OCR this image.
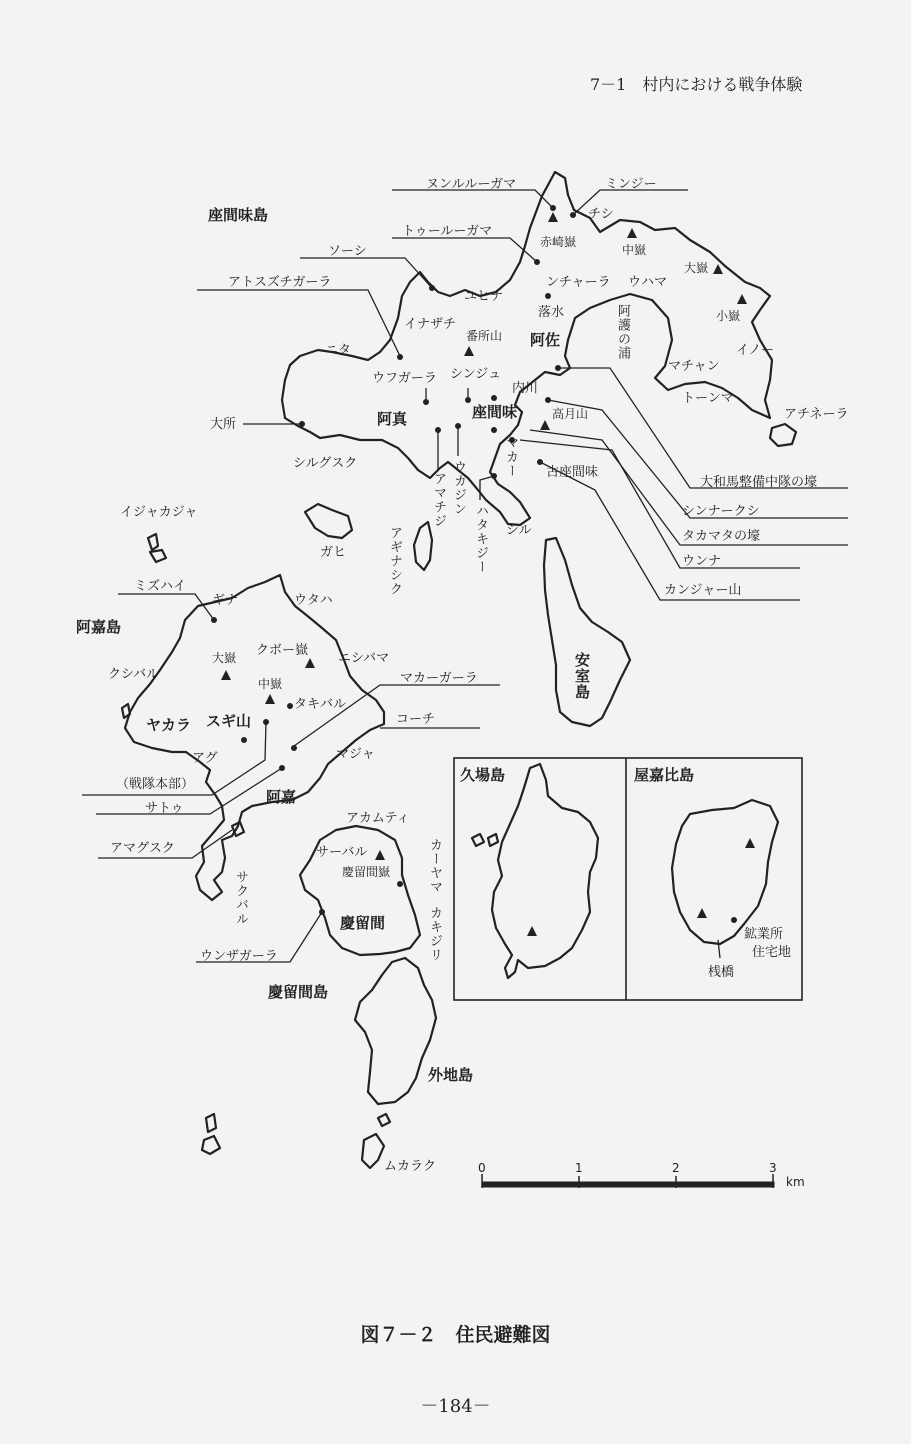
7－1　村内における戦争体験
座間味島
阿嘉島
慶留間島
外地島
安室島
久場島	屋嘉比島
ヌンルルーガマ	ミンジー
チシ
赤崎嶽
中嶽
トゥールーガマ
ソーシ
アトスズチガーラ	ンチャーラ ウハマ
大嶽
ユヒナ
落水	小嶽
イナザチ
番所山 阿佐	阿護の浦
ニタ	イノー
マチャン
ウフガーラ シンジュ
内川
トーンマ
アチネーラ
大所	阿真	座間味	高月山
シルグスク
古座間味
大和馬整備中隊の壕
シンナークシ
タカマタの壕
ウンナ
カンジャー山
マカー
アマチジ ウカジン
ハタキジー シル
アギナシク
イジャカジャ
ガヒ
ミズハイ
ギナ	ウタハ
クボー嶽
大嶽	ニシバマ
クシバル
中嶽
タキバル
マカーガーラ
ヤカラ スギ山	コーチ
アグ
（戦隊本部）
マジャ
サトゥ
阿嘉
アマグスク
アカムティ
サーバル
慶留間嶽	カーヤマ
サクバル
カキジリ
慶留間
ウンザガーラ
ムカラク
鉱業所
住宅地
桟橋
0	1	2	3
km
図７－２　住民避難図
－184－
